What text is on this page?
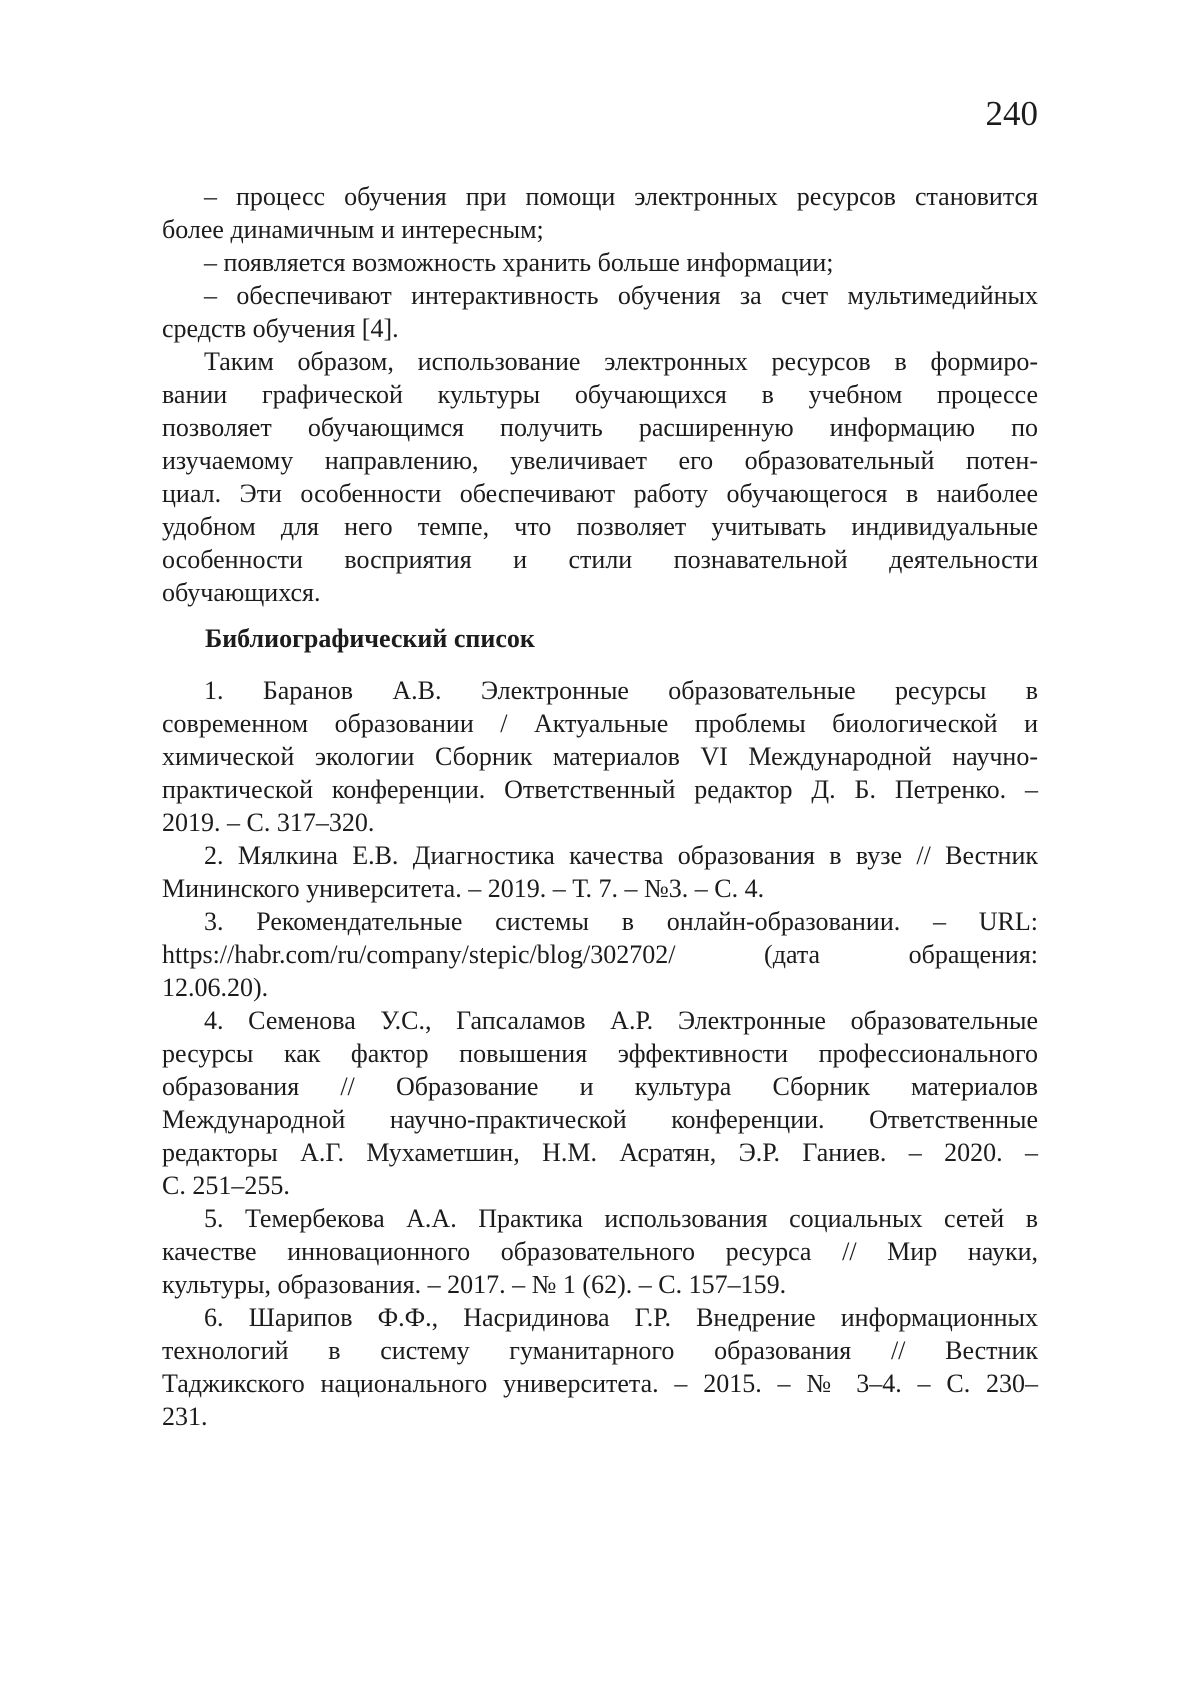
240
– процесс обучения при помощи электронных ресурсов становится
более динамичным и интересным;
– появляется возможность хранить больше информации;
– обеспечивают интерактивность обучения за счет мультимедийных
средств обучения [4].
Таким образом, использование электронных ресурсов в формиро-
вании графической культуры обучающихся в учебном процессе
позволяет обучающимся получить расширенную информацию по
изучаемому направлению, увеличивает его образовательный потен-
циал. Эти особенности обеспечивают работу обучающегося в наиболее
удобном для него темпе, что позволяет учитывать индивидуальные
особенности восприятия и стили познавательной деятельности
обучающихся.
Библиографический список
1. Баранов А.В. Электронные образовательные ресурсы в
современном образовании / Актуальные проблемы биологической и
химической экологии Сборник материалов VI Международной научно-
практической конференции. Ответственный редактор Д. Б. Петренко. –
2019. – С. 317–320.
2. Мялкина Е.В. Диагностика качества образования в вузе // Вестник
Мининского университета. – 2019. – Т. 7. – №3. – С. 4.
3. Рекомендательные системы в онлайн-образовании. – URL:
https://habr.com/ru/company/stepic/blog/302702/ (дата обращения:
12.06.20).
4. Семенова У.С., Гапсаламов А.Р. Электронные образовательные
ресурсы как фактор повышения эффективности профессионального
образования // Образование и культура Сборник материалов
Международной научно-практической конференции. Ответственные
редакторы А.Г. Мухаметшин, Н.М. Асратян, Э.Р. Ганиев. – 2020. –
С. 251–255.
5. Темербекова А.А. Практика использования социальных сетей в
качестве инновационного образовательного ресурса // Мир науки,
культуры, образования. – 2017. – № 1 (62). – С. 157–159.
6. Шарипов Ф.Ф., Насридинова Г.Р. Внедрение информационных
технологий в систему гуманитарного образования // Вестник
Таджикского национального университета. – 2015. – № 3–4. – С. 230–
231.
